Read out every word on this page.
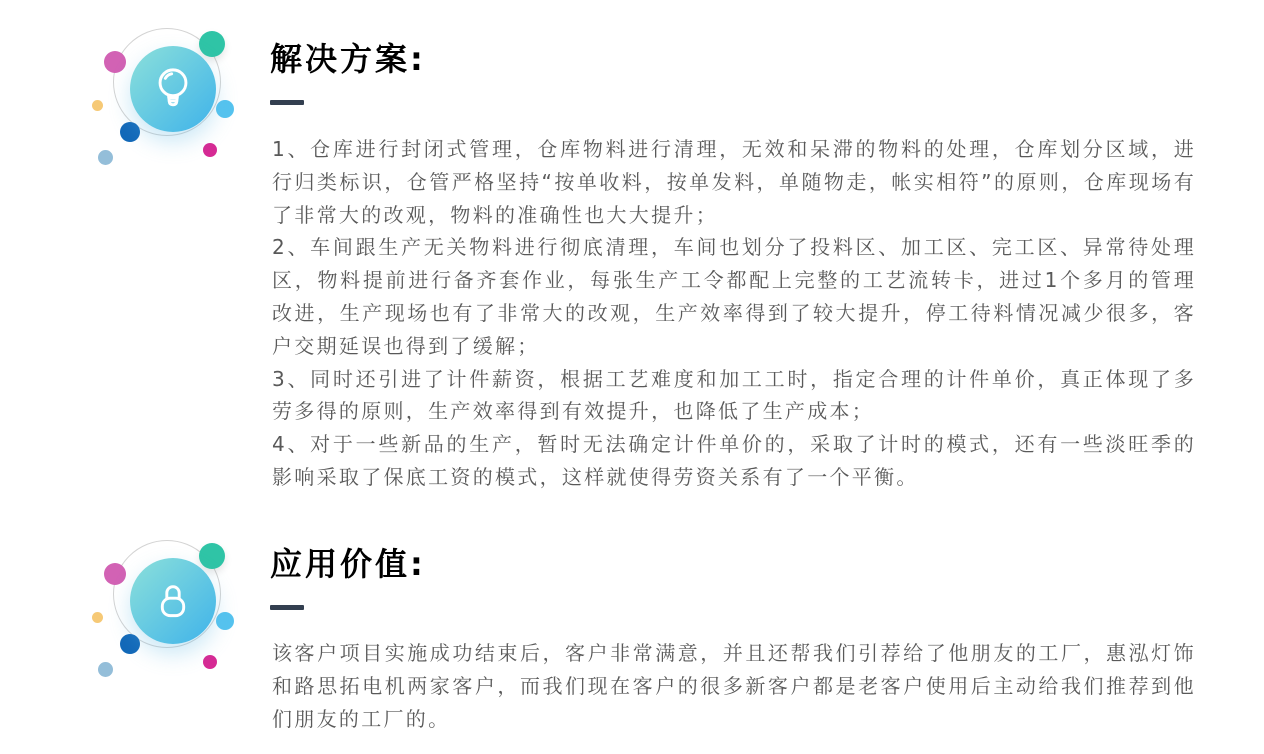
解决方案:

1、仓库进行封闭式管理，仓库物料进行清理，无效和呆滞的物料的处理，仓库划分区域，进行归类标识，仓管严格坚持“按单收料，按单发料，单随物走，帐实相符”的原则，仓库现场有了非常大的改观，物料的准确性也大大提升；

2、车间跟生产无关物料进行彻底清理，车间也划分了投料区、加工区、完工区、异常待处理区，物料提前进行备齐套作业，每张生产工令都配上完整的工艺流转卡，进过1个多月的管理改进，生产现场也有了非常大的改观，生产效率得到了较大提升，停工待料情况减少很多，客户交期延误也得到了缓解；

3、同时还引进了计件薪资，根据工艺难度和加工工时，指定合理的计件单价，真正体现了多劳多得的原则，生产效率得到有效提升，也降低了生产成本；

4、对于一些新品的生产，暂时无法确定计件单价的，采取了计时的模式，还有一些淡旺季的影响采取了保底工资的模式，这样就使得劳资关系有了一个平衡。

应用价值:

该客户项目实施成功结束后，客户非常满意，并且还帮我们引荐给了他朋友的工厂，惠泓灯饰和路思拓电机两家客户，而我们现在客户的很多新客户都是老客户使用后主动给我们推荐到他们朋友的工厂的。
